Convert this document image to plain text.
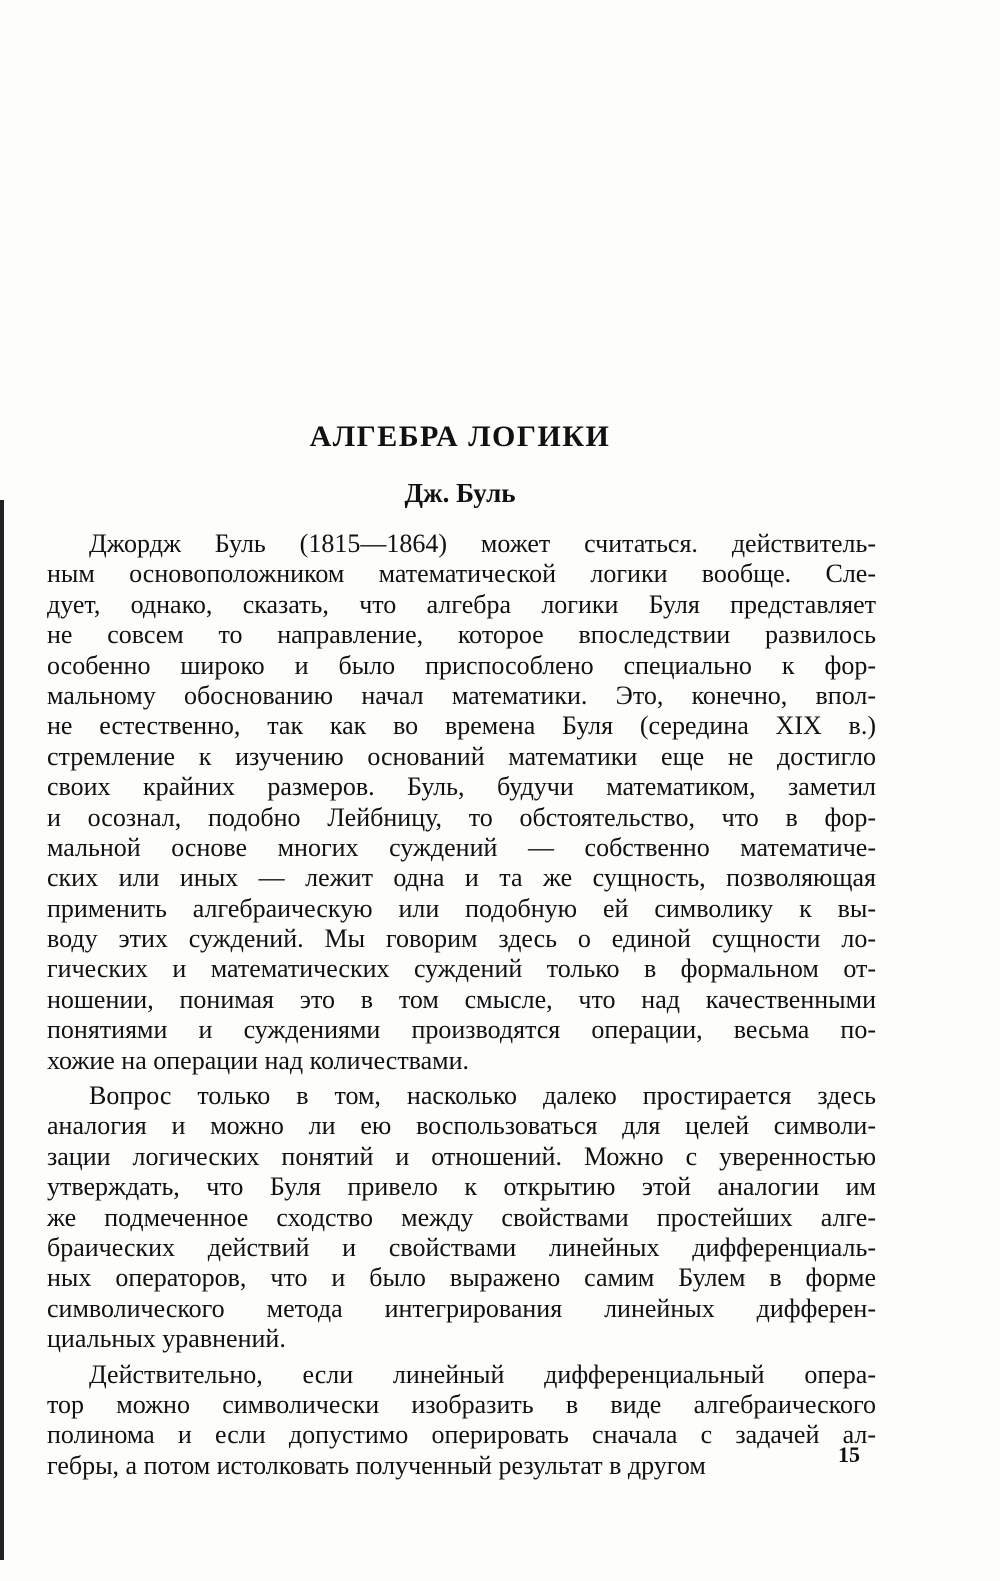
АЛГЕБРА ЛОГИКИ
Дж. Буль
Джордж Буль (1815—1864) может считаться. действитель-
ным основоположником математической логики вообще. Сле-
дует, однако, сказать, что алгебра логики Буля представляет
не совсем то направление, которое впоследствии развилось
особенно широко и было приспособлено специально к фор-
мальному обоснованию начал математики. Это, конечно, впол-
не естественно, так как во времена Буля (середина XIX в.)
стремление к изучению оснований математики еще не достигло
своих крайних размеров. Буль, будучи математиком, заметил
и осознал, подобно Лейбницу, то обстоятельство, что в фор-
мальной основе многих суждений — собственно математиче-
ских или иных — лежит одна и та же сущность, позволяющая
применить алгебраическую или подобную ей символику к вы-
воду этих суждений. Мы говорим здесь о единой сущности ло-
гических и математических суждений только в формальном от-
ношении, понимая это в том смысле, что над качественными
понятиями и суждениями производятся операции, весьма по-
хожие на операции над количествами.
Вопрос только в том, насколько далеко простирается здесь
аналогия и можно ли ею воспользоваться для целей символи-
зации логических понятий и отношений. Можно с уверенностью
утверждать, что Буля привело к открытию этой аналогии им
же подмеченное сходство между свойствами простейших алге-
браических действий и свойствами линейных дифференциаль-
ных операторов, что и было выражено самим Булем в форме
символического метода интегрирования линейных дифферен-
циальных уравнений.
Действительно, если линейный дифференциальный опера-
тор можно символически изобразить в виде алгебраического
полинома и если допустимо оперировать сначала с задачей ал-
гебры, а потом истолковать полученный результат в другом	15
